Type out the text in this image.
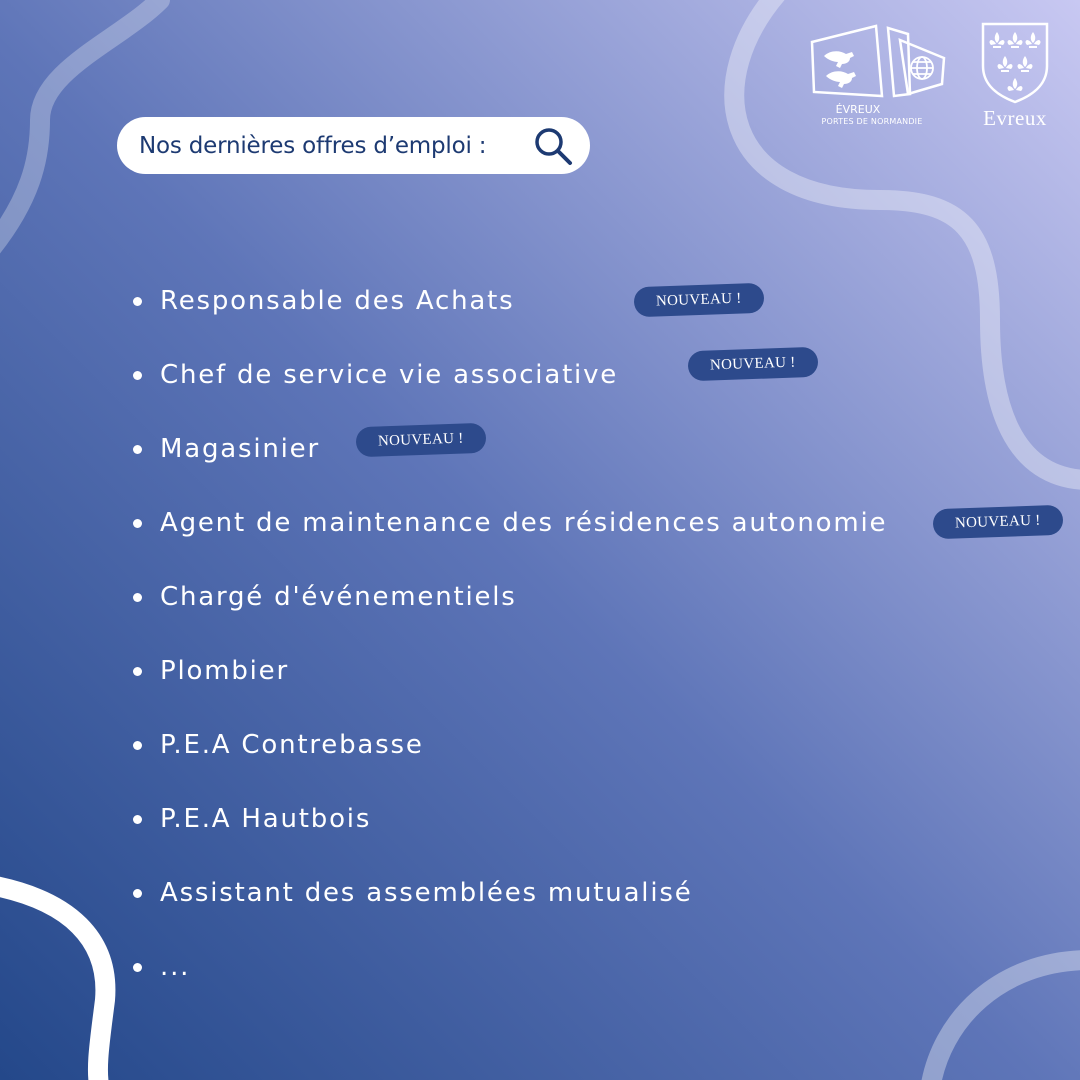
ÉVREUX
PORTES DE NORMANDIE	Evreux
Nos dernières offres d’emploi :
Responsable des Achats	NOUVEAU !
Chef de service vie associative	NOUVEAU !
Magasinier	NOUVEAU !
Agent de maintenance des résidences autonomie	NOUVEAU !
Chargé d'événementiels
Plombier
P.E.A Contrebasse
P.E.A Hautbois
Assistant des assemblées mutualisé
...
